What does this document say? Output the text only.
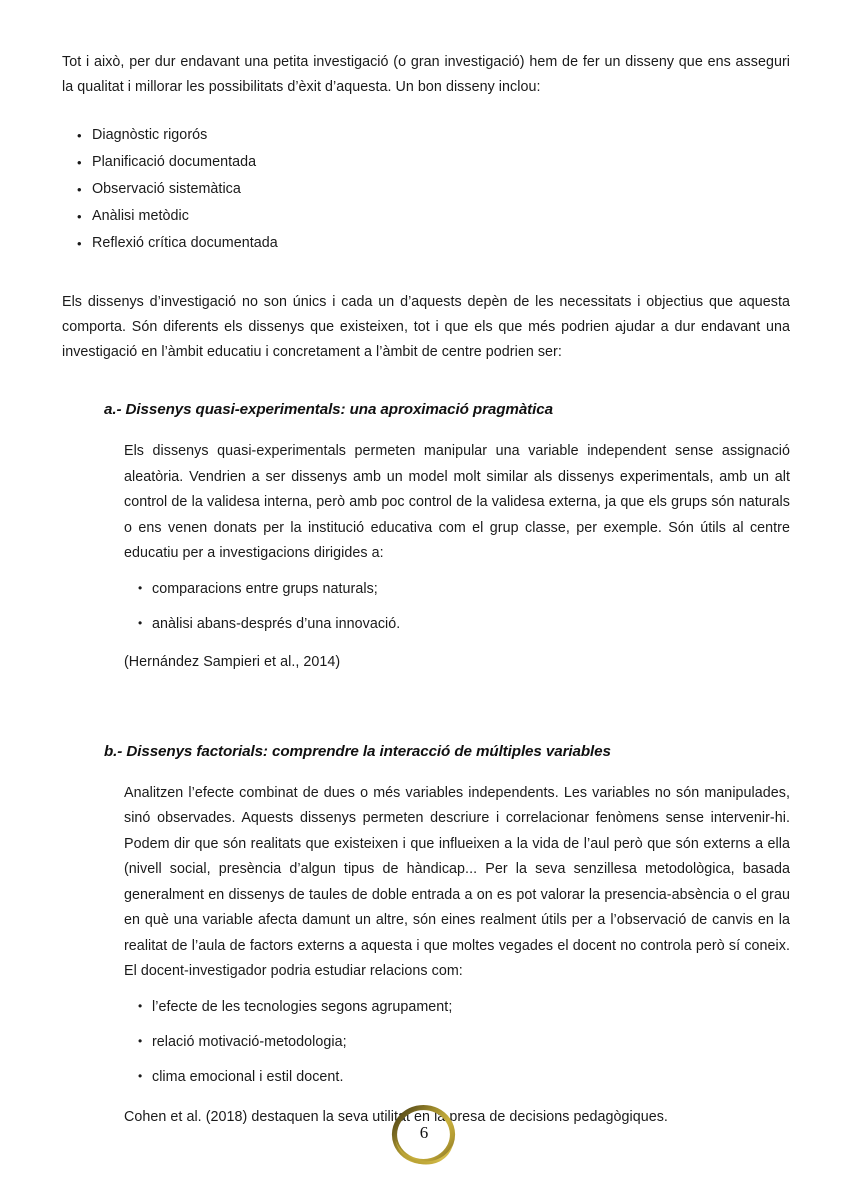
Tot i això, per dur endavant una petita investigació (o gran investigació) hem de fer un disseny que ens asseguri la qualitat i millorar les possibilitats d’èxit d’aquesta. Un bon disseny inclou:

• Diagnòstic rigorós
• Planificació documentada
• Observació sistemàtica
• Anàlisi metòdic
• Reflexió crítica documentada

Els dissenys d’investigació no son únics i cada un d’aquests depèn de les necessitats i objectius que aquesta comporta. Són diferents els dissenys que existeixen, tot i que els que més podrien ajudar a dur endavant una investigació en l’àmbit educatiu i concretament a l’àmbit de centre podrien ser:

a.- Dissenys quasi-experimentals: una aproximació pragmàtica

Els dissenys quasi-experimentals permeten manipular una variable independent sense assignació aleatòria. Vendrien a ser dissenys amb un model molt similar als dissenys experimentals, amb un alt control de la validesa interna, però amb poc control de la validesa externa, ja que els grups són naturals o ens venen donats per la institució educativa com el grup classe, per exemple. Són útils al centre educatiu per a investigacions dirigides a:

• comparacions entre grups naturals;
• anàlisi abans-després d’una innovació.

(Hernández Sampieri et al., 2014)

b.- Dissenys factorials: comprendre la interacció de múltiples variables

Analitzen l’efecte combinat de dues o més variables independents. Les variables no són manipulades, sinó observades. Aquests dissenys permeten descriure i correlacionar fenòmens sense intervenir-hi. Podem dir que són realitats que existeixen i que influeixen a la vida de l’aul però que són externs a ella (nivell social, presència d’algun tipus de hàndicap... Per la seva senzillesa metodològica, basada generalment en dissenys de taules de doble entrada a on es pot valorar la presencia-absència o el grau en què una variable afecta damunt un altre, són eines realment útils per a l’observació de canvis en la realitat de l’aula de factors externs a aquesta i que moltes vegades el docent no controla però sí coneix. El docent-investigador podria estudiar relacions com:

• l’efecte de les tecnologies segons agrupament;
• relació motivació-metodologia;
• clima emocional i estil docent.

Cohen et al. (2018) destaquen la seva utilitat en la presa de decisions pedagògiques.

6
